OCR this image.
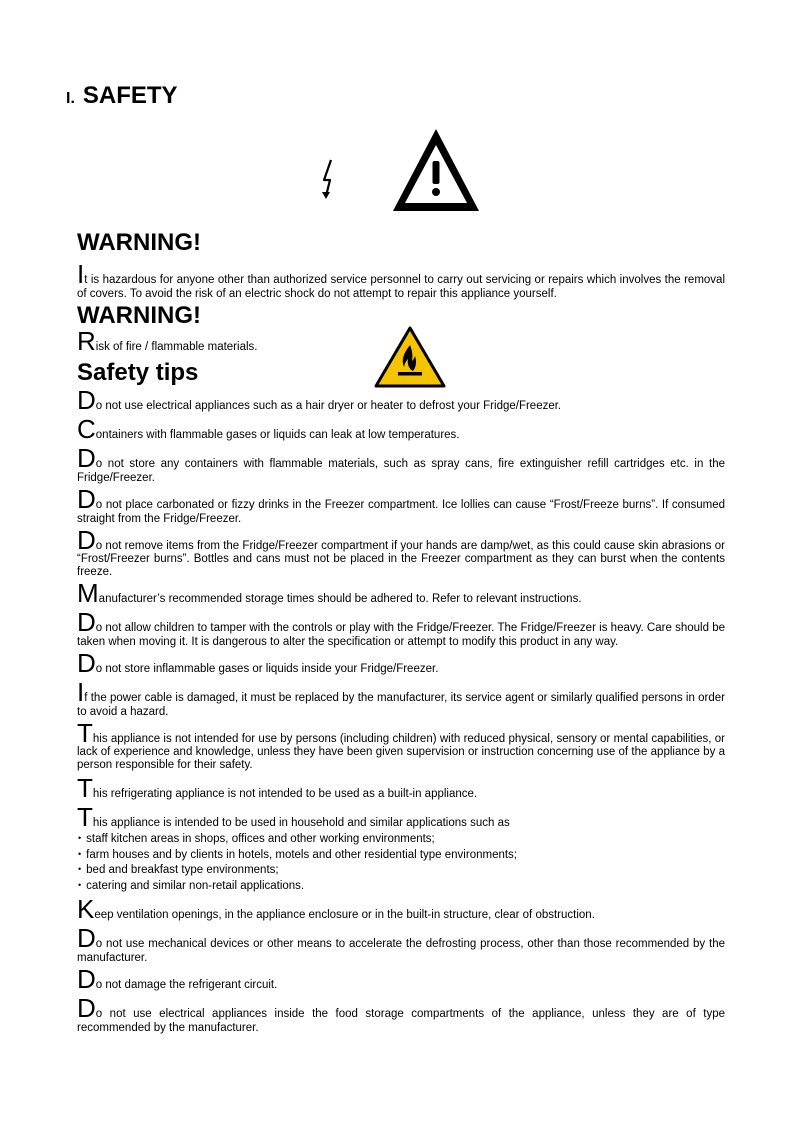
I. SAFETY
WARNING!

It is hazardous for anyone other than authorized service personnel to carry out servicing or repairs which involves the removal of covers. To avoid the risk of an electric shock do not attempt to repair this appliance yourself.

WARNING!

Risk of fire / flammable materials.

Safety tips

Do not use electrical appliances such as a hair dryer or heater to defrost your Fridge/Freezer.

Containers with flammable gases or liquids can leak at low temperatures.

Do not store any containers with flammable materials, such as spray cans, fire extinguisher refill cartridges etc. in the Fridge/Freezer.

Do not place carbonated or fizzy drinks in the Freezer compartment. Ice lollies can cause “Frost/Freeze burns”. If consumed straight from the Fridge/Freezer.

Do not remove items from the Fridge/Freezer compartment if your hands are damp/wet, as this could cause skin abrasions or “Frost/Freezer burns”. Bottles and cans must not be placed in the Freezer compartment as they can burst when the contents freeze.

Manufacturer’s recommended storage times should be adhered to. Refer to relevant instructions.

Do not allow children to tamper with the controls or play with the Fridge/Freezer. The Fridge/Freezer is heavy. Care should be taken when moving it. It is dangerous to alter the specification or attempt to modify this product in any way.

Do not store inflammable gases or liquids inside your Fridge/Freezer.

If the power cable is damaged, it must be replaced by the manufacturer, its service agent or similarly qualified persons in order to avoid a hazard.

This appliance is not intended for use by persons (including children) with reduced physical, sensory or mental capabilities, or lack of experience and knowledge, unless they have been given supervision or instruction concerning use of the appliance by a person responsible for their safety.

This refrigerating appliance is not intended to be used as a built-in appliance.

This appliance is intended to be used in household and similar applications such as

• staff kitchen areas in shops, offices and other working environments;
• farm houses and by clients in hotels, motels and other residential type environments;
• bed and breakfast type environments;
• catering and similar non-retail applications.

Keep ventilation openings, in the appliance enclosure or in the built-in structure, clear of obstruction.

Do not use mechanical devices or other means to accelerate the defrosting process, other than those recommended by the manufacturer.

Do not damage the refrigerant circuit.

Do not use electrical appliances inside the food storage compartments of the appliance, unless they are of type recommended by the manufacturer.
